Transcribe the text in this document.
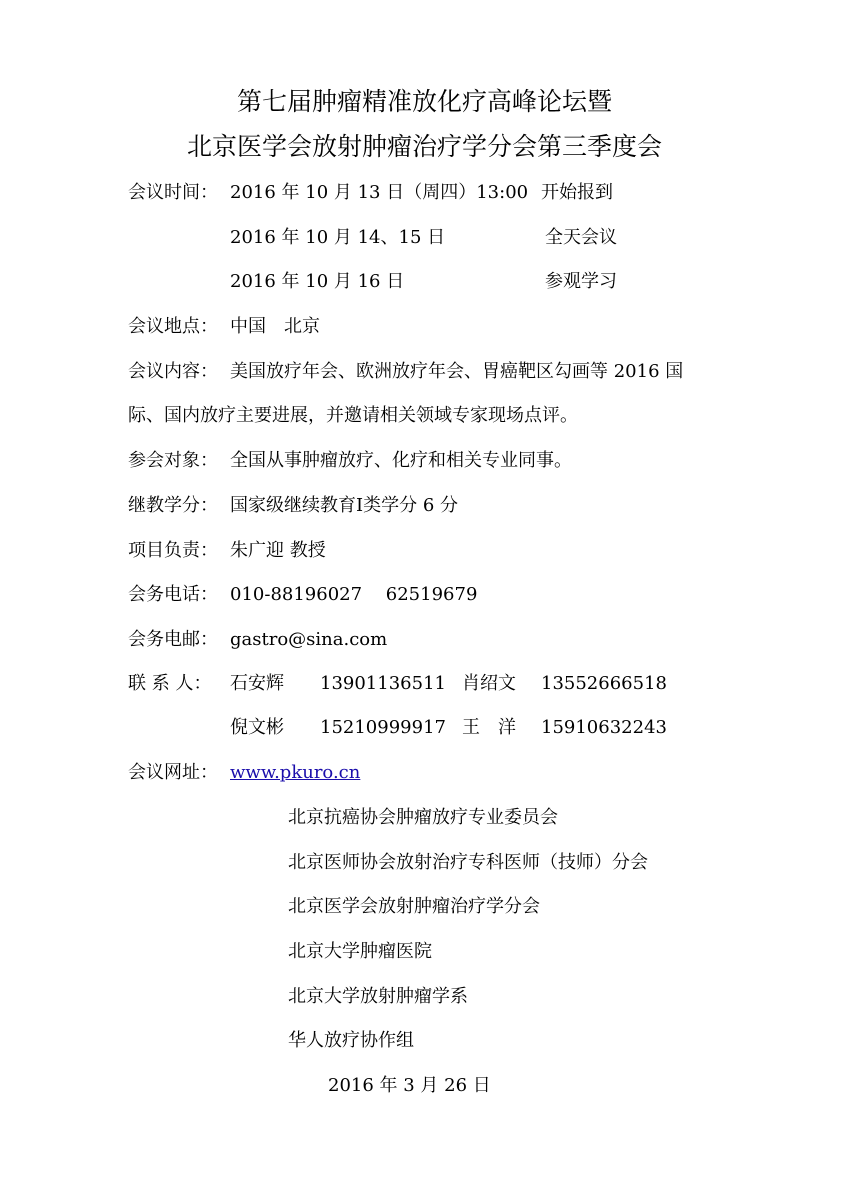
第七届肿瘤精准放化疗高峰论坛暨
北京医学会放射肿瘤治疗学分会第三季度会
会议时间： 2016 年 10 月 13 日（周四）13:00 开始报到
2016 年 10 月 14、15 日	全天会议
2016 年 10 月 16 日	参观学习
会议地点： 中国　北京
会议内容： 美国放疗年会、欧洲放疗年会、胃癌靶区勾画等 2016 国
际、国内放疗主要进展，并邀请相关领域专家现场点评。
参会对象： 全国从事肿瘤放疗、化疗和相关专业同事。
继教学分： 国家级继续教育Ⅰ类学分 6 分
项目负责： 朱广迎 教授
会务电话： 010-88196027　 62519679
会务电邮： gastro@sina.com
联 系 人： 石安辉 13901136511 肖绍文 13552666518
倪文彬 15210999917 王　洋 15910632243
会议网址： www.pkuro.cn
北京抗癌协会肿瘤放疗专业委员会
北京医师协会放射治疗专科医师（技师）分会
北京医学会放射肿瘤治疗学分会
北京大学肿瘤医院
北京大学放射肿瘤学系
华人放疗协作组
2016 年 3 月 26 日
